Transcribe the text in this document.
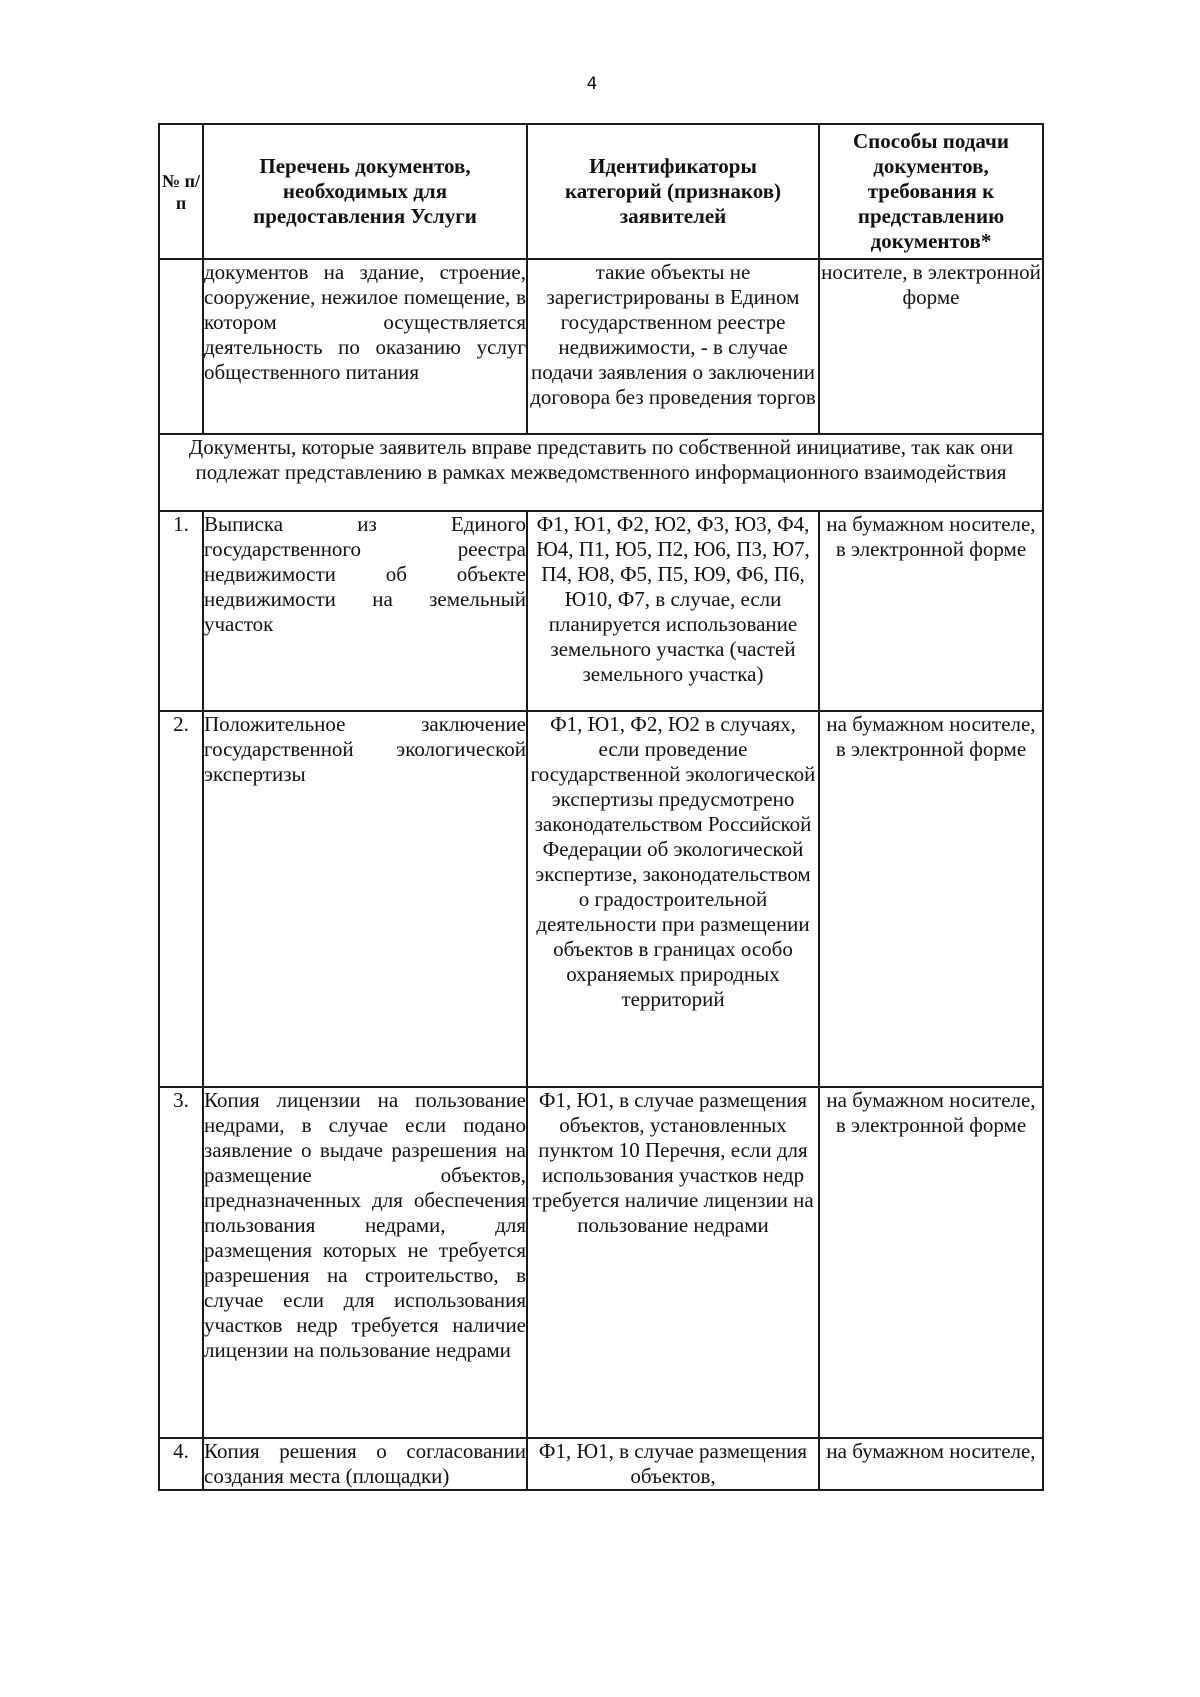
4
№ п/п	Перечень документов, необходимых для предоставления Услуги	Идентификаторы категорий (признаков) заявителей	Способы подачи документов, требования к представлению документов*
	документов на здание, строение, сооружение, нежилое помещение, в котором осуществляется деятельность по оказанию услуг общественного питания	такие объекты не зарегистрированы в Едином государственном реестре недвижимости, - в случае подачи заявления о заключении договора без проведения торгов	носителе, в электронной форме
Документы, которые заявитель вправе представить по собственной инициативе, так как они подлежат представлению в рамках межведомственного информационного взаимодействия			
1.	Выписка из Единого государственного реестра недвижимости об объекте недвижимости на земельный участок	Ф1, Ю1, Ф2, Ю2, Ф3, Ю3, Ф4, Ю4, П1, Ю5, П2, Ю6, П3, Ю7, П4, Ю8, Ф5, П5, Ю9, Ф6, П6, Ю10, Ф7, в случае, если планируется использование земельного участка (частей земельного участка)	на бумажном носителе, в электронной форме
2.	Положительное заключение государственной экологической экспертизы	Ф1, Ю1, Ф2, Ю2 в случаях, если проведение государственной экологической экспертизы предусмотрено законодательством Российской Федерации об экологической экспертизе, законодательством о градостроительной деятельности при размещении объектов в границах особо охраняемых природных территорий	на бумажном носителе, в электронной форме
3.	Копия лицензии на пользование недрами, в случае если подано заявление о выдаче разрешения на размещение объектов, предназначенных для обеспечения пользования недрами, для размещения которых не требуется разрешения на строительство, в случае если для использования участков недр требуется наличие лицензии на пользование недрами	Ф1, Ю1, в случае размещения объектов, установленных пунктом 10 Перечня, если для использования участков недр требуется наличие лицензии на пользование недрами	на бумажном носителе, в электронной форме
4.	Копия решения о согласовании создания места (площадки)	Ф1, Ю1, в случае размещения объектов,	на бумажном носителе,
